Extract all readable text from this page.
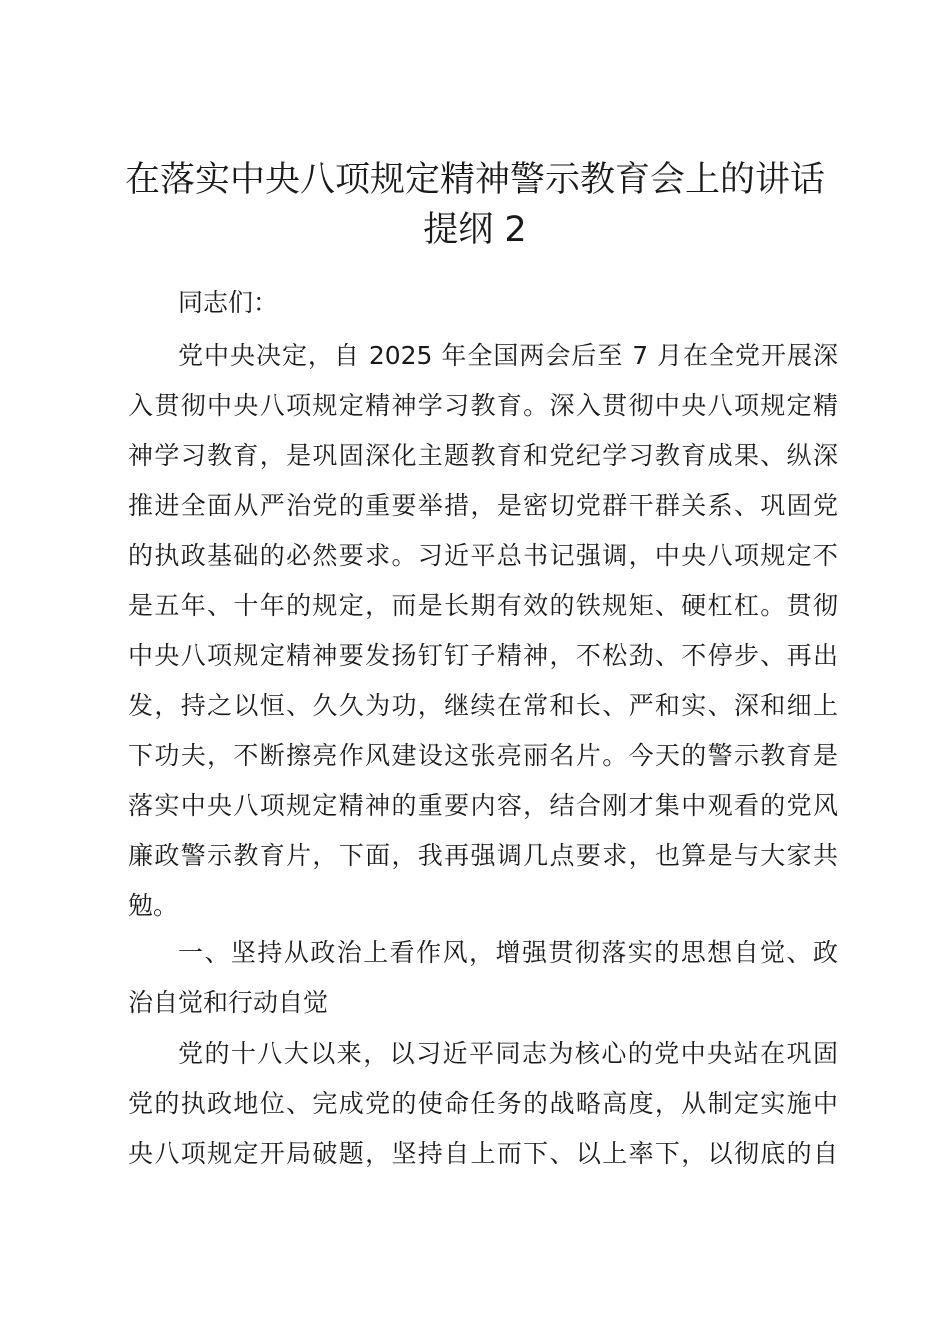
在落实中央八项规定精神警示教育会上的讲话
提纲 2
同志们：
党中央决定，自 2025 年全国两会后至 7 月在全党开展深
入贯彻中央八项规定精神学习教育。深入贯彻中央八项规定精
神学习教育，是巩固深化主题教育和党纪学习教育成果、纵深
推进全面从严治党的重要举措，是密切党群干群关系、巩固党
的执政基础的必然要求。习近平总书记强调，中央八项规定不
是五年、十年的规定，而是长期有效的铁规矩、硬杠杠。贯彻
中央八项规定精神要发扬钉钉子精神，不松劲、不停步、再出
发，持之以恒、久久为功，继续在常和长、严和实、深和细上
下功夫，不断擦亮作风建设这张亮丽名片。今天的警示教育是
落实中央八项规定精神的重要内容，结合刚才集中观看的党风
廉政警示教育片，下面，我再强调几点要求，也算是与大家共
勉。
一、坚持从政治上看作风，增强贯彻落实的思想自觉、政
治自觉和行动自觉
党的十八大以来，以习近平同志为核心的党中央站在巩固
党的执政地位、完成党的使命任务的战略高度，从制定实施中
央八项规定开局破题，坚持自上而下、以上率下，以彻底的自
